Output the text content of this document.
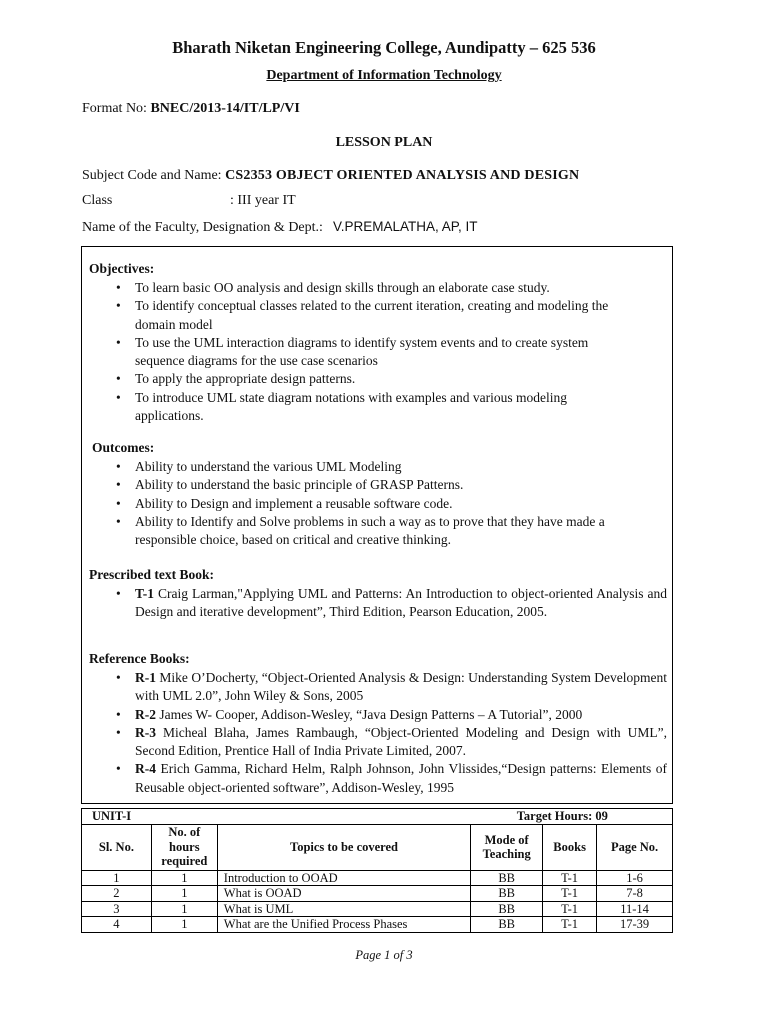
Bharath Niketan Engineering College, Aundipatty – 625 536
Department of Information Technology
Format No: BNEC/2013-14/IT/LP/VI
LESSON PLAN
Subject Code and Name: CS2353 OBJECT ORIENTED ANALYSIS AND DESIGN
Class	: III year IT
Name of the Faculty, Designation & Dept.: V.PREMALATHA, AP, IT
Objectives:
• To learn basic OO analysis and design skills through an elaborate case study.
• To identify conceptual classes related to the current iteration, creating and modeling the domain model
• To use the UML interaction diagrams to identify system events and to create system sequence diagrams for the use case scenarios
• To apply the appropriate design patterns.
• To introduce UML state diagram notations with examples and various modeling applications.
Outcomes:
• Ability to understand the various UML Modeling
• Ability to understand the basic principle of GRASP Patterns.
• Ability to Design and implement a reusable software code.
• Ability to Identify and Solve problems in such a way as to prove that they have made a responsible choice, based on critical and creative thinking.
Prescribed text Book:
• T-1 Craig Larman,"Applying UML and Patterns: An Introduction to object-oriented Analysis and Design and iterative development”, Third Edition, Pearson Education, 2005.
Reference Books:
• R-1 Mike O’Docherty, “Object-Oriented Analysis & Design: Understanding System Development with UML 2.0”, John Wiley & Sons, 2005
• R-2 James W- Cooper, Addison-Wesley, “Java Design Patterns – A Tutorial”, 2000
• R-3 Micheal Blaha, James Rambaugh, “Object-Oriented Modeling and Design with UML”, Second Edition, Prentice Hall of India Private Limited, 2007.
• R-4 Erich Gamma, Richard Helm, Ralph Johnson, John Vlissides,“Design patterns: Elements of Reusable object-oriented software”, Addison-Wesley, 1995
UNIT-I			Target Hours: 09		
Sl. No.	No. of hours required	Topics to be covered	Mode of Teaching	Books	Page No.
1	1	Introduction to OOAD	BB	T-1	1-6
2	1	What is OOAD	BB	T-1	7-8
3	1	What is UML	BB	T-1	11-14
4	1	What are the Unified Process Phases	BB	T-1	17-39
Page 1 of 3
